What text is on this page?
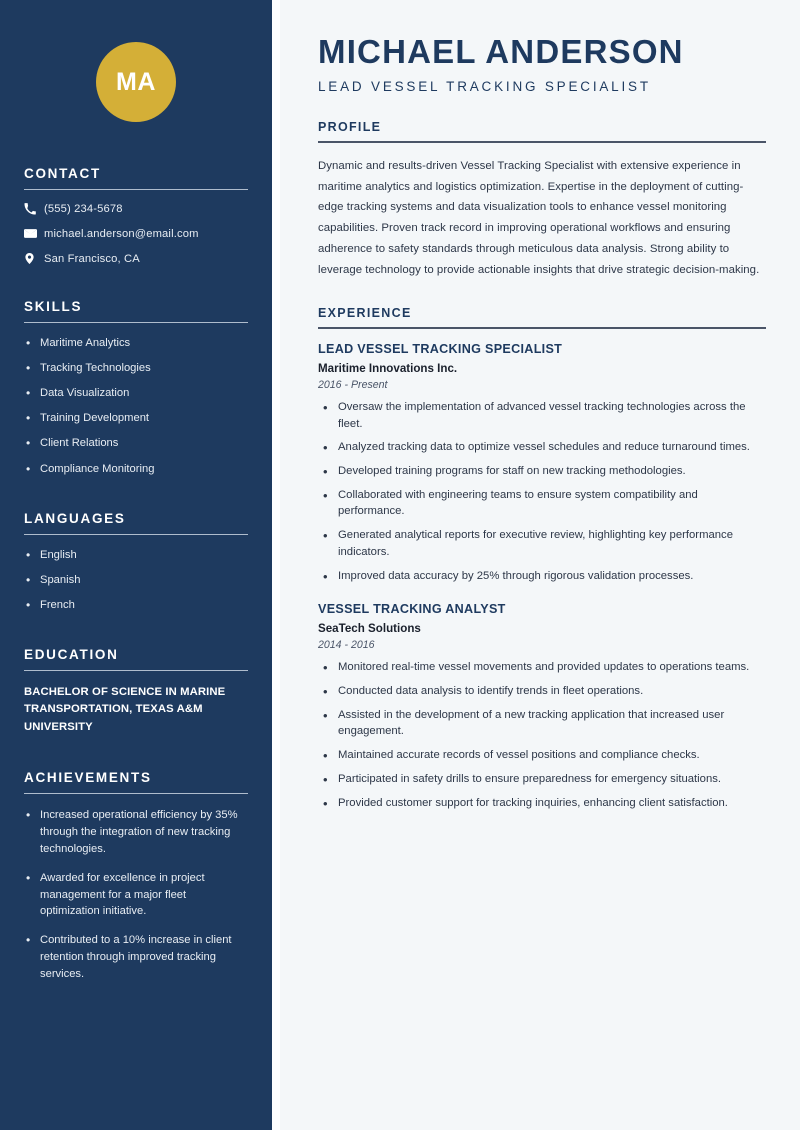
MA
CONTACT
(555) 234-5678
michael.anderson@email.com
San Francisco, CA
SKILLS
• Maritime Analytics
• Tracking Technologies
• Data Visualization
• Training Development
• Client Relations
• Compliance Monitoring
LANGUAGES
• English
• Spanish
• French
EDUCATION
BACHELOR OF SCIENCE IN MARINE TRANSPORTATION, TEXAS A&M UNIVERSITY
ACHIEVEMENTS
• Increased operational efficiency by 35% through the integration of new tracking technologies.
• Awarded for excellence in project management for a major fleet optimization initiative.
• Contributed to a 10% increase in client retention through improved tracking services.
MICHAEL ANDERSON
LEAD VESSEL TRACKING SPECIALIST
PROFILE

Dynamic and results-driven Vessel Tracking Specialist with extensive experience in maritime analytics and logistics optimization. Expertise in the deployment of cutting-edge tracking systems and data visualization tools to enhance vessel monitoring capabilities. Proven track record in improving operational workflows and ensuring adherence to safety standards through meticulous data analysis. Strong ability to leverage technology to provide actionable insights that drive strategic decision-making.

EXPERIENCE
LEAD VESSEL TRACKING SPECIALIST
Maritime Innovations Inc.
2016 - Present
• Oversaw the implementation of advanced vessel tracking technologies across the fleet.
• Analyzed tracking data to optimize vessel schedules and reduce turnaround times.
• Developed training programs for staff on new tracking methodologies.
• Collaborated with engineering teams to ensure system compatibility and performance.
• Generated analytical reports for executive review, highlighting key performance indicators.
• Improved data accuracy by 25% through rigorous validation processes.
VESSEL TRACKING ANALYST
SeaTech Solutions
2014 - 2016
• Monitored real-time vessel movements and provided updates to operations teams.
• Conducted data analysis to identify trends in fleet operations.
• Assisted in the development of a new tracking application that increased user engagement.
• Maintained accurate records of vessel positions and compliance checks.
• Participated in safety drills to ensure preparedness for emergency situations.
• Provided customer support for tracking inquiries, enhancing client satisfaction.
